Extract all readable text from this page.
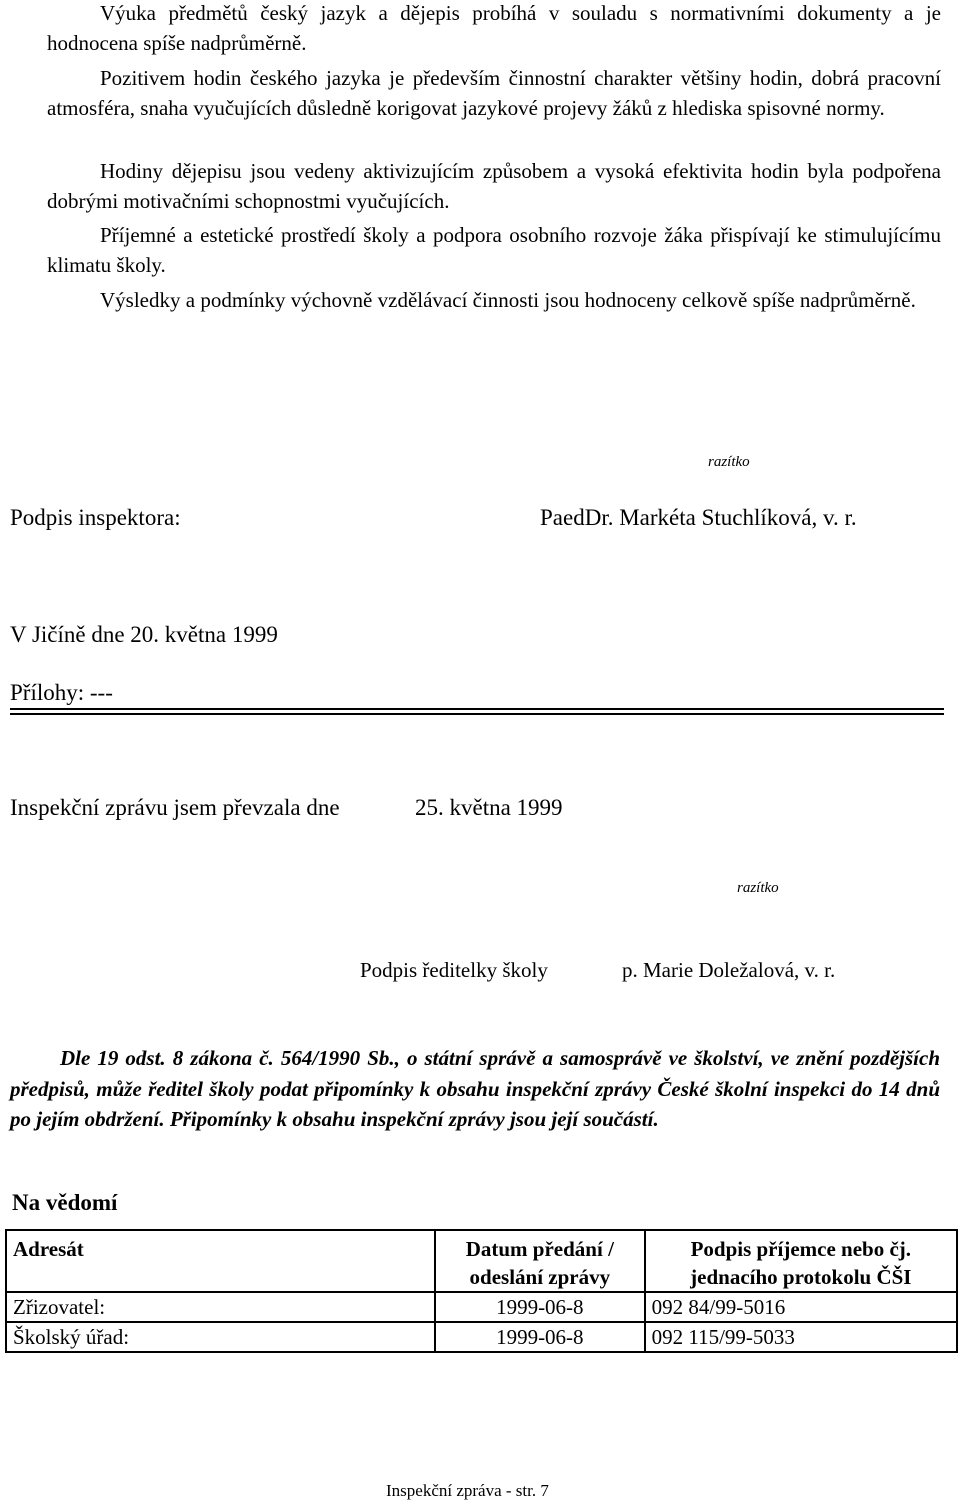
Výuka předmětů český jazyk a dějepis probíhá v souladu s normativními dokumenty a je hodnocena spíše nadprůměrně.

Pozitivem hodin českého jazyka je především činnostní charakter většiny hodin, dobrá pracovní atmosféra, snaha vyučujících důsledně korigovat jazykové projevy žáků z hlediska spisovné normy.

Hodiny dějepisu jsou vedeny aktivizujícím způsobem a vysoká efektivita hodin byla podpořena dobrými motivačními schopnostmi vyučujících.

Příjemné a estetické prostředí školy a podpora osobního rozvoje žáka přispívají ke stimulujícímu klimatu školy.

Výsledky a podmínky výchovně vzdělávací činnosti jsou hodnoceny celkově spíše nadprůměrně.

razítko
Podpis inspektora:	PaedDr. Markéta Stuchlíková, v. r.
V Jičíně dne 20. května 1999
Přílohy: ---
Inspekční zprávu jsem převzala dne	25. května 1999
razítko
Podpis ředitelky školy	p. Marie Doležalová, v. r.

Dle 19 odst. 8 zákona č. 564/1990 Sb., o státní správě a samosprávě ve školství, ve znění pozdějších předpisů, může ředitel školy podat připomínky k obsahu inspekční zprávy České školní inspekci do 14 dnů po jejím obdržení. Připomínky k obsahu inspekční zprávy jsou její součástí.

Na vědomí
Adresát	Datum předání / odeslání zprávy	Podpis příjemce nebo čj. jednacího protokolu ČŠI
Zřizovatel:	1999-06-8	092 84/99-5016
Školský úřad:	1999-06-8	092 115/99-5033
Inspekční zpráva - str. 7
